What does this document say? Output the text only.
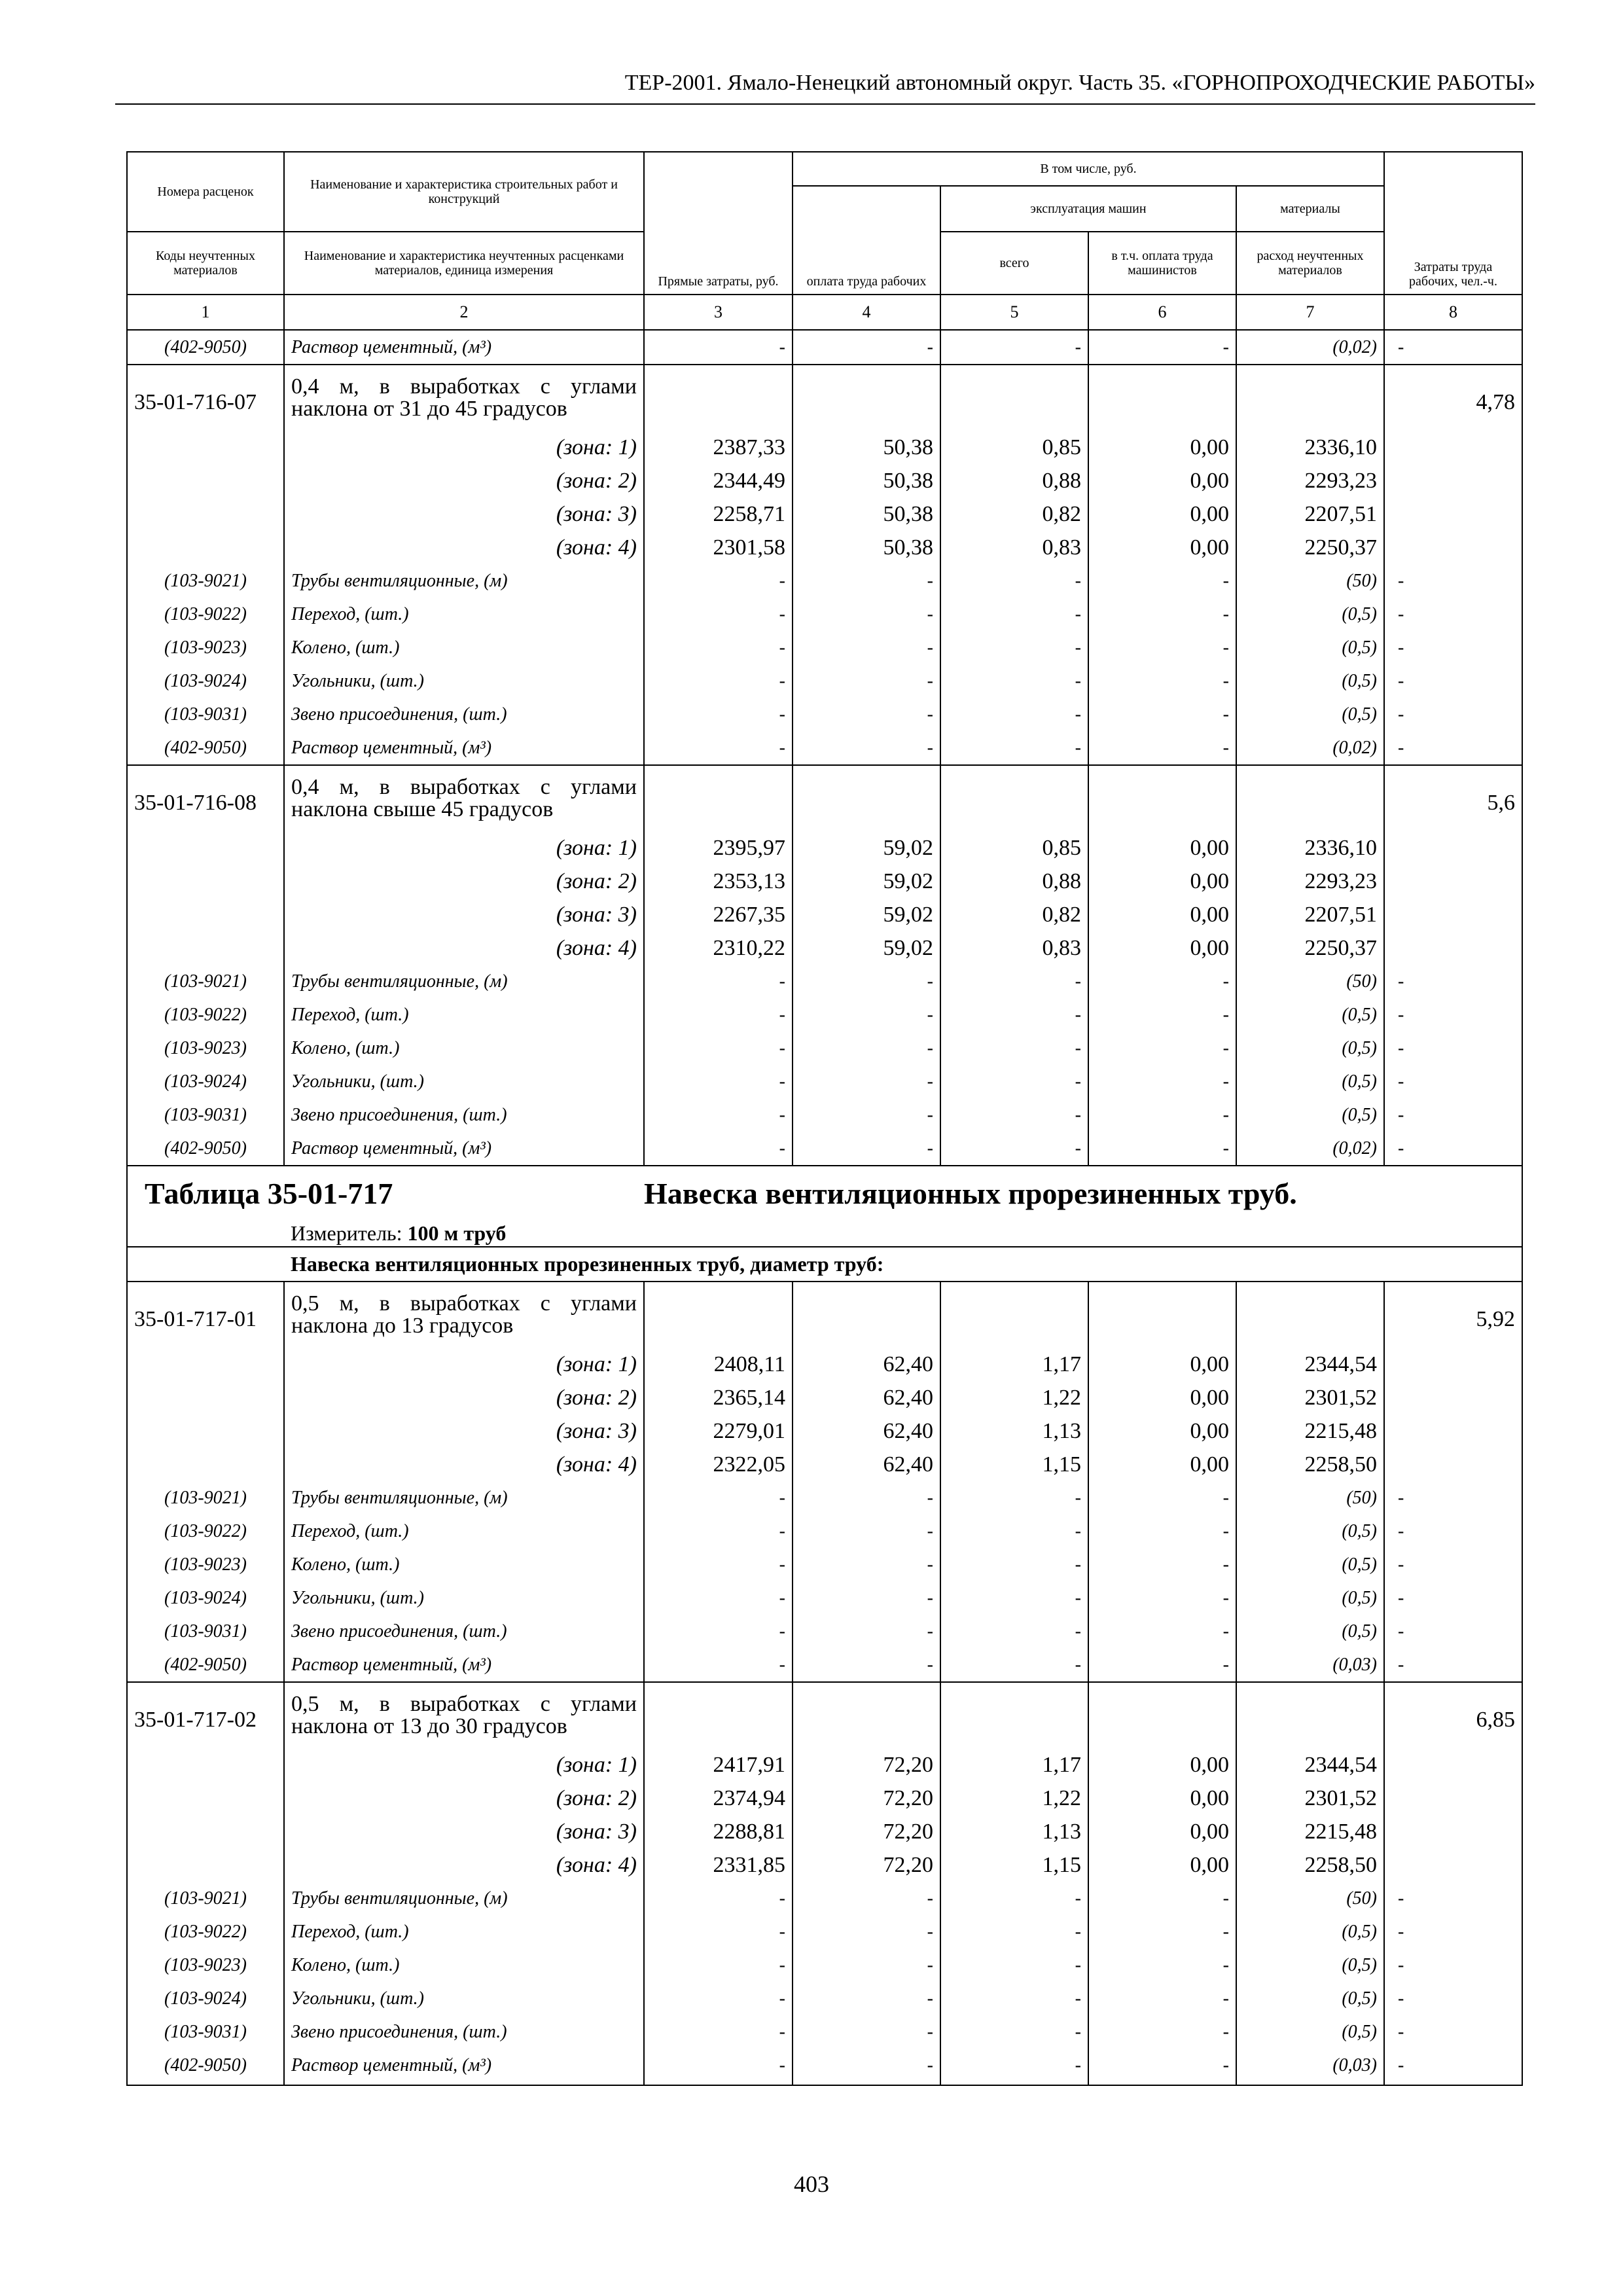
ТЕР-2001. Ямало-Ненецкий автономный округ. Часть 35. «ГОРНОПРОХОДЧЕСКИЕ РАБОТЫ»
Номера расценок	Наименование и характеристика строительных работ и конструкций	Прямые затраты, руб.	В том числе, руб.				Затраты труда рабочих, чел.-ч.
			оплата труда рабочих	эксплуатация машин		материалы	
Коды неучтенных материалов	Наименование и характеристика неучтенных расценками материалов, единица измерения			всего	в т.ч. оплата труда машинистов	расход неучтенных материалов	
1	2	3	4	5	6	7	8
(402-9050)	Раствор цементный, (м³)	-	-	-	-	(0,02)	-
35-01-716-07	0,4 м, в выработках с углами наклона от 31 до 45 градусов						4,78
	(зона: 1)	2387,33	50,38	0,85	0,00	2336,10	
	(зона: 2)	2344,49	50,38	0,88	0,00	2293,23	
	(зона: 3)	2258,71	50,38	0,82	0,00	2207,51	
	(зона: 4)	2301,58	50,38	0,83	0,00	2250,37	
(103-9021)	Трубы вентиляционные, (м)	-	-	-	-	(50)	-
(103-9022)	Переход, (шт.)	-	-	-	-	(0,5)	-
(103-9023)	Колено, (шт.)	-	-	-	-	(0,5)	-
(103-9024)	Угольники, (шт.)	-	-	-	-	(0,5)	-
(103-9031)	Звено присоединения, (шт.)	-	-	-	-	(0,5)	-
(402-9050)	Раствор цементный, (м³)	-	-	-	-	(0,02)	-
35-01-716-08	0,4 м, в выработках с углами наклона свыше 45 градусов						5,6
	(зона: 1)	2395,97	59,02	0,85	0,00	2336,10	
	(зона: 2)	2353,13	59,02	0,88	0,00	2293,23	
	(зона: 3)	2267,35	59,02	0,82	0,00	2207,51	
	(зона: 4)	2310,22	59,02	0,83	0,00	2250,37	
(103-9021)	Трубы вентиляционные, (м)	-	-	-	-	(50)	-
(103-9022)	Переход, (шт.)	-	-	-	-	(0,5)	-
(103-9023)	Колено, (шт.)	-	-	-	-	(0,5)	-
(103-9024)	Угольники, (шт.)	-	-	-	-	(0,5)	-
(103-9031)	Звено присоединения, (шт.)	-	-	-	-	(0,5)	-
(402-9050)	Раствор цементный, (м³)	-	-	-	-	(0,02)	-
Таблица 35-01-717		Навеска вентиляционных прорезиненных труб.					
	Измеритель: 100 м труб						
	Навеска вентиляционных прорезиненных труб, диаметр труб:						
35-01-717-01	0,5 м, в выработках с углами наклона до 13 градусов						5,92
	(зона: 1)	2408,11	62,40	1,17	0,00	2344,54	
	(зона: 2)	2365,14	62,40	1,22	0,00	2301,52	
	(зона: 3)	2279,01	62,40	1,13	0,00	2215,48	
	(зона: 4)	2322,05	62,40	1,15	0,00	2258,50	
(103-9021)	Трубы вентиляционные, (м)	-	-	-	-	(50)	-
(103-9022)	Переход, (шт.)	-	-	-	-	(0,5)	-
(103-9023)	Колено, (шт.)	-	-	-	-	(0,5)	-
(103-9024)	Угольники, (шт.)	-	-	-	-	(0,5)	-
(103-9031)	Звено присоединения, (шт.)	-	-	-	-	(0,5)	-
(402-9050)	Раствор цементный, (м³)	-	-	-	-	(0,03)	-
35-01-717-02	0,5 м, в выработках с углами наклона от 13 до 30 градусов						6,85
	(зона: 1)	2417,91	72,20	1,17	0,00	2344,54	
	(зона: 2)	2374,94	72,20	1,22	0,00	2301,52	
	(зона: 3)	2288,81	72,20	1,13	0,00	2215,48	
	(зона: 4)	2331,85	72,20	1,15	0,00	2258,50	
(103-9021)	Трубы вентиляционные, (м)	-	-	-	-	(50)	-
(103-9022)	Переход, (шт.)	-	-	-	-	(0,5)	-
(103-9023)	Колено, (шт.)	-	-	-	-	(0,5)	-
(103-9024)	Угольники, (шт.)	-	-	-	-	(0,5)	-
(103-9031)	Звено присоединения, (шт.)	-	-	-	-	(0,5)	-
(402-9050)	Раствор цементный, (м³)	-	-	-	-	(0,03)	-

403
